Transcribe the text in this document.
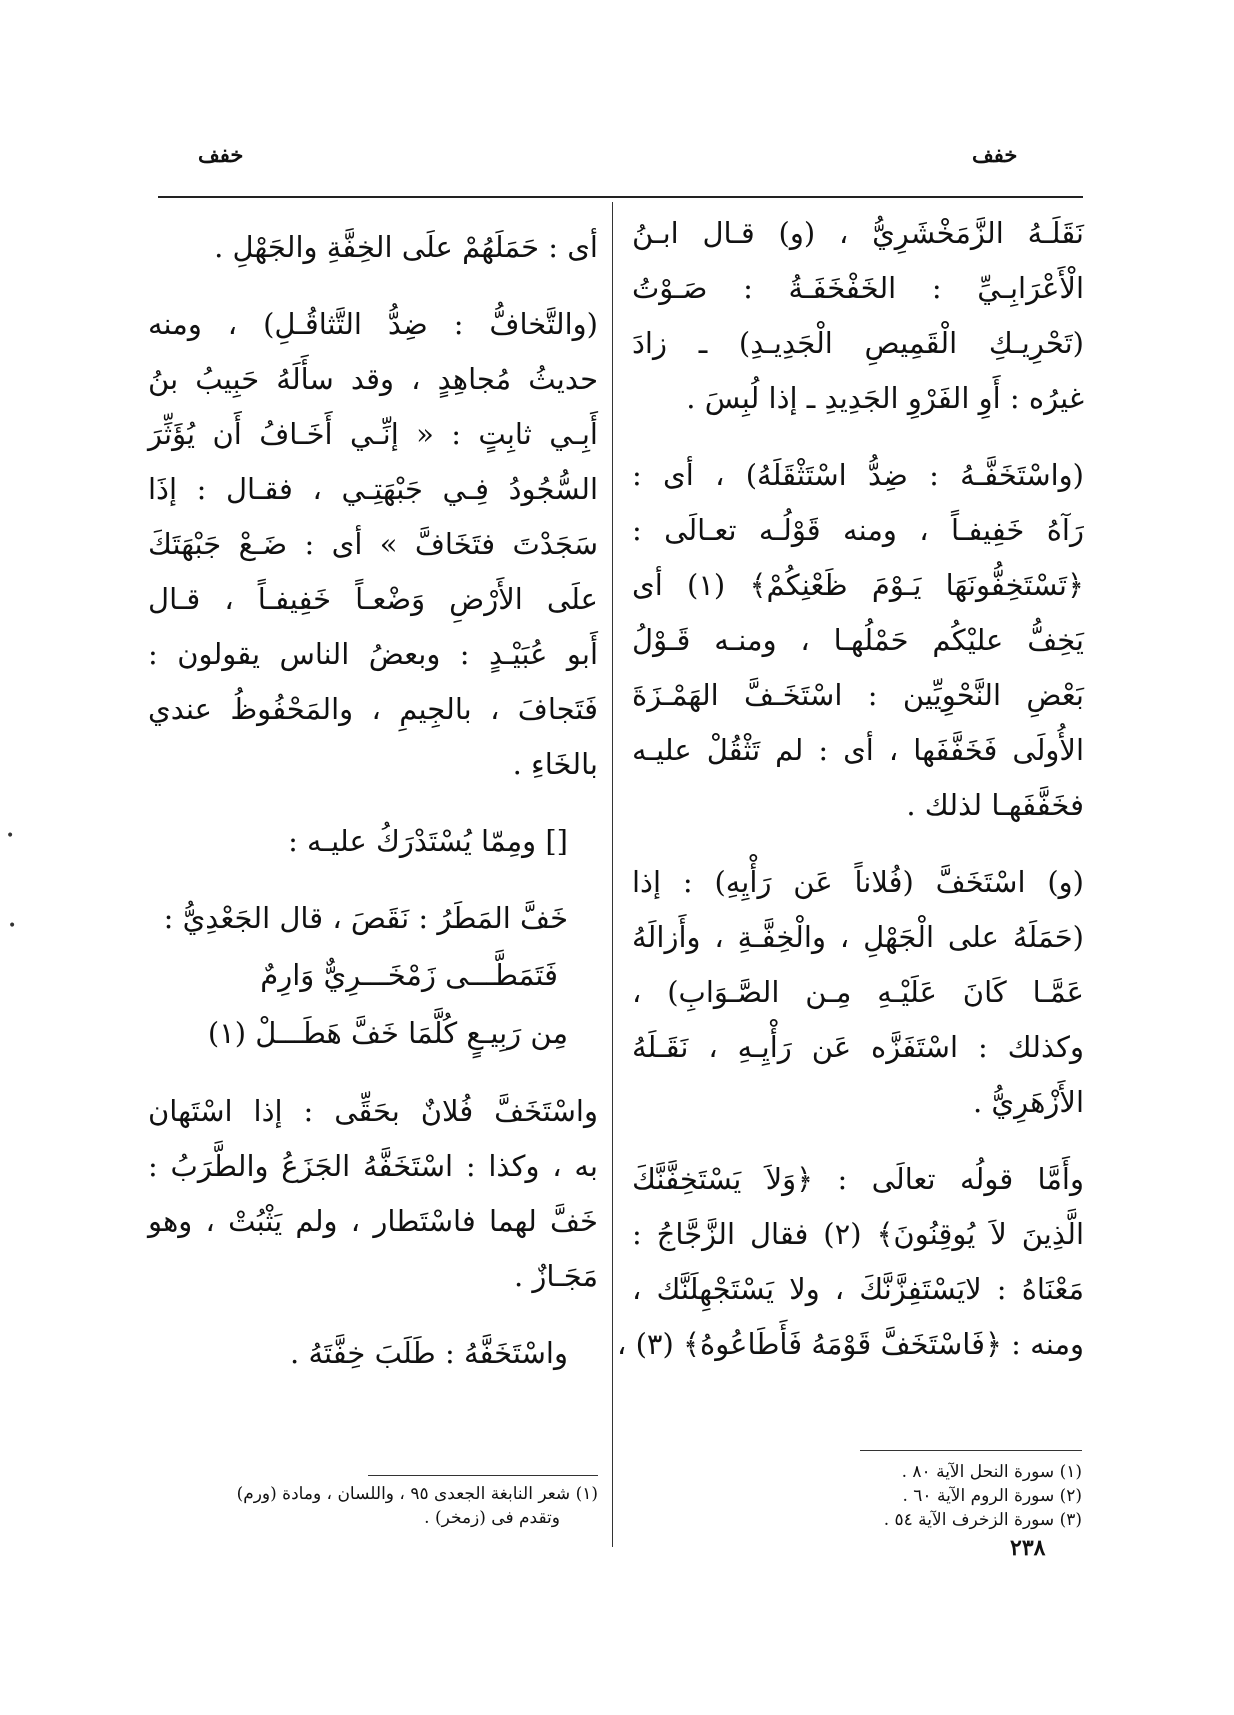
خفف
خفف
نَقَلَـهُ الزَّمَخْشَرِيُّ ، (و) قـال ابـنُ
الْأَعْرَابِـيِّ : الخَفْخَفَـةُ : صَـوْتُ
(تَحْرِيـكِ الْقَمِيصِ الْجَدِيـدِ) ـ زادَ
غيرُه : أَوِ الفَرْوِ الجَدِيدِ ـ إذا لُبِسَ .
(واسْتَخَفَّـهُ : ضِدُّ اسْتَثْقَلَهُ) ، أى :
رَآهُ خَفِيفـاً ، ومنه قَوْلُـه تعـالَى :
﴿تَسْتَخِفُّونَهَا يَـوْمَ ظَعْنِكُمْ﴾ (١) أى
يَخِفُّ عليْكُم حَمْلُهـا ، ومنـه قَـوْلُ
بَعْضِ النَّحْوِيِّين : اسْتَخَـفَّ الهَمْـزَةَ
الأُولَى فَخَفَّفَها ، أى : لم تَثْقُلْ عليـه
فخَفَّفَهـا لذلك .
(و) اسْتَخَفَّ (فُلاناً عَن رَأْيِهِ) : إذا
(حَمَلَهُ على الْجَهْلِ ، والْخِفَّـةِ ، وأَزالَهُ
عَمَّـا كَانَ عَلَيْـهِ مِـن الصَّـوَابِ) ،
وكذلك : اسْتَفَزَّه عَن رَأْيِـهِ ، نَقَـلَهُ
الأَزْهَرِيُّ .
وأَمَّا قولُه تعالَى : ﴿وَلاَ يَسْتَخِفَّنَّكَ
الَّذِينَ لاَ يُوقِنُونَ﴾ (٢) فقال الزَّجَّاجُ :
مَعْنَاهُ : لايَسْتَفِزَّنَّكَ ، ولا يَسْتَجْهِلَنَّك ،
ومنه : ﴿فَاسْتَخَفَّ قَوْمَهُ فَأَطَاعُوهُ﴾ (٣) ،
أى : حَمَلَهُمْ علَى الخِفَّةِ والجَهْلِ .
(والتَّخافُّ : ضِدُّ التَّثاقُـلِ) ، ومنه
حديثُ مُجاهِدٍ ، وقد سأَلَهُ حَبِيبُ بنُ
أَبِـي ثابِتٍ : « إنِّـي أَخَـافُ أَن يُؤَثِّرَ
السُّجُودُ فِـي جَبْهَتِـي ، فقـال : إذَا
سَجَدْتَ فتَخَافَّ » أى : ضَـعْ جَبْهَتَكَ
علَى الأَرْضِ وَضْعـاً خَفِيفـاً ، قـال
أَبو عُبَيْـدٍ : وبعضُ الناس يقولون :
فَتَجافَ ، بالجِيمِ ، والمَحْفُوظُ عندي
بالخَاءِ .
[] ومِمّا يُسْتَدْرَكُ عليـه :
خَفَّ المَطَرُ : نَقَصَ ، قال الجَعْدِيُّ :
فَتَمَطَّـــى زَمْخَـــرِيٌّ وَارِمٌ
مِن رَبِيـعٍ كُلَّمَا خَفَّ هَطَـــلْ (١)
واسْتَخَفَّ فُلانٌ بحَقِّى : إذا اسْتَهان
به ، وكذا : اسْتَخَفَّهُ الجَزَعُ والطَّرَبُ :
خَفَّ لهما فاسْتَطار ، ولم يَثْبُتْ ، وهو
مَجَـازٌ .
واسْتَخَفَّهُ : طَلَبَ خِفَّتَهُ .
(١) سورة النحل الآية ٨٠ .
(٢) سورة الروم الآية ٦٠ .
(٣) سورة الزخرف الآية ٥٤ .
(١) شعر النابغة الجعدى ٩٥ ، واللسان ، ومادة (ورم)
وتقدم فى (زمخر) .
٢٣٨
•
•
